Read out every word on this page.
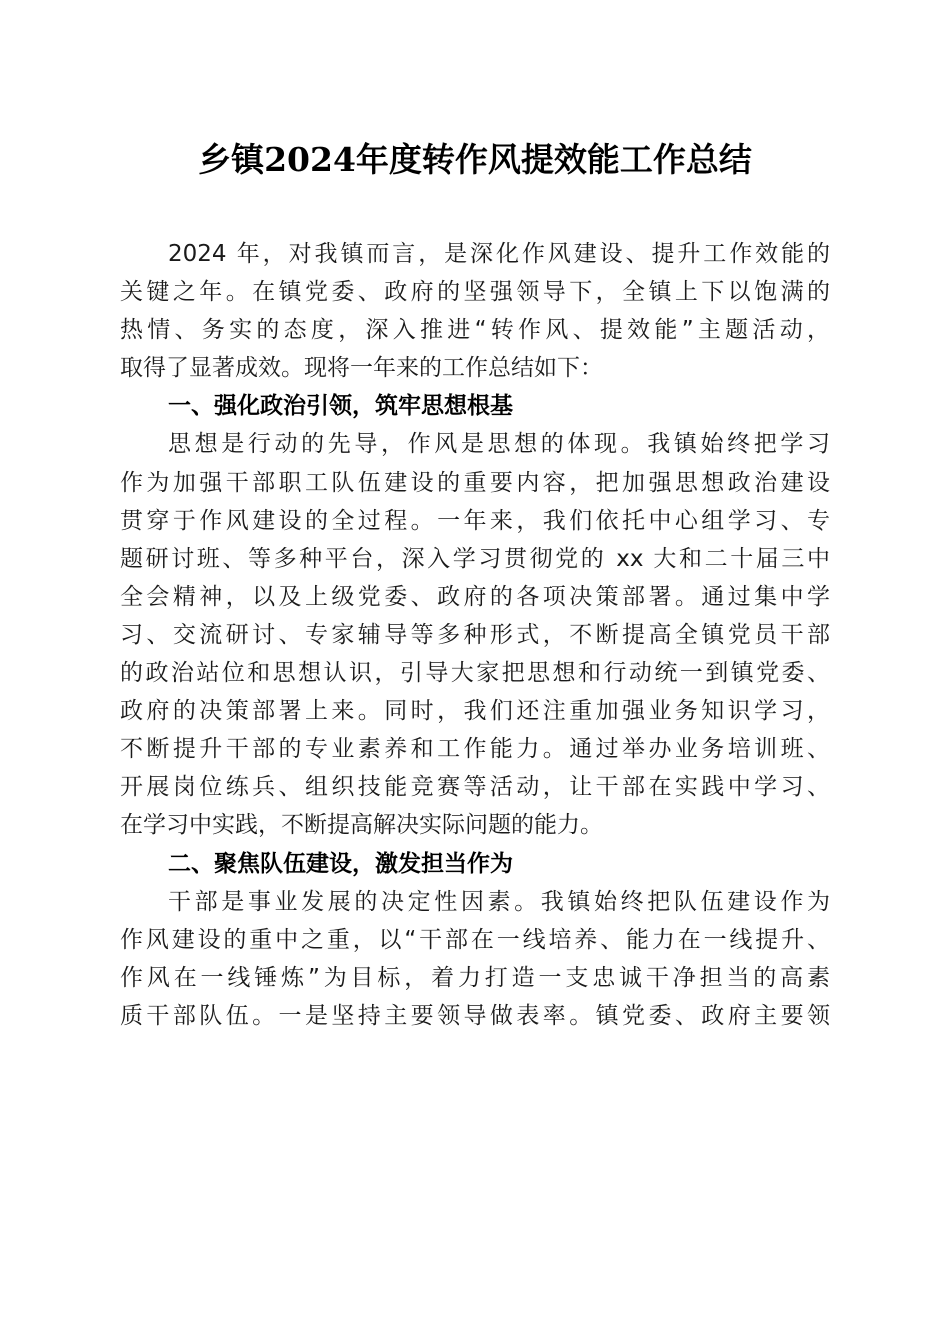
乡镇2024年度转作风提效能工作总结
2024 年，对我镇而言，是深化作风建设、提升工作效能的
关键之年。在镇党委、政府的坚强领导下，全镇上下以饱满的
热情、务实的态度，深入推进“转作风、提效能”主题活动，
取得了显著成效。现将一年来的工作总结如下：
一、强化政治引领，筑牢思想根基
思想是行动的先导，作风是思想的体现。我镇始终把学习
作为加强干部职工队伍建设的重要内容，把加强思想政治建设
贯穿于作风建设的全过程。一年来，我们依托中心组学习、专
题研讨班、等多种平台，深入学习贯彻党的 xx 大和二十届三中
全会精神，以及上级党委、政府的各项决策部署。通过集中学
习、交流研讨、专家辅导等多种形式，不断提高全镇党员干部
的政治站位和思想认识，引导大家把思想和行动统一到镇党委、
政府的决策部署上来。同时，我们还注重加强业务知识学习，
不断提升干部的专业素养和工作能力。通过举办业务培训班、
开展岗位练兵、组织技能竞赛等活动，让干部在实践中学习、
在学习中实践，不断提高解决实际问题的能力。
二、聚焦队伍建设，激发担当作为
干部是事业发展的决定性因素。我镇始终把队伍建设作为
作风建设的重中之重，以“干部在一线培养、能力在一线提升、
作风在一线锤炼”为目标，着力打造一支忠诚干净担当的高素
质干部队伍。一是坚持主要领导做表率。镇党委、政府主要领
